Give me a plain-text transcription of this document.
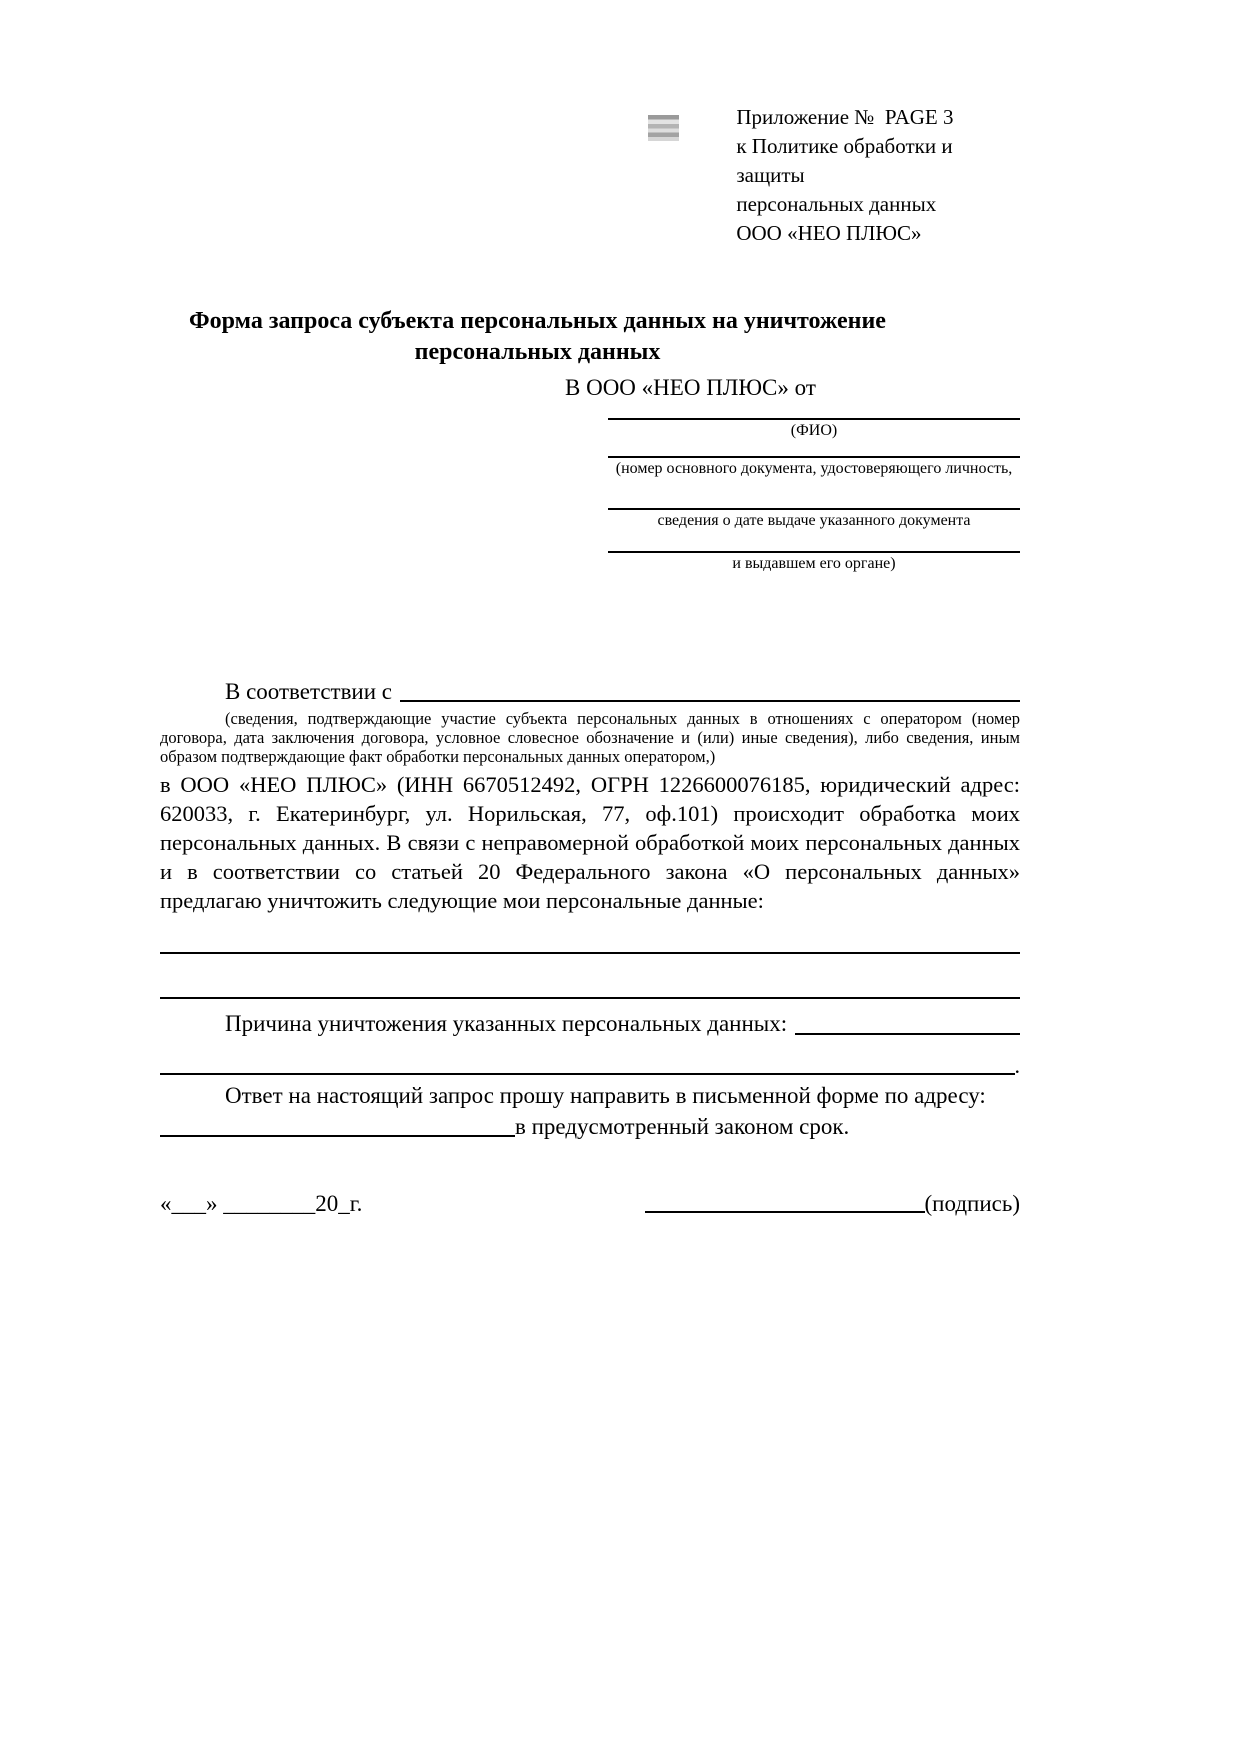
Приложение №  PAGE 3
к Политике обработки и защиты
персональных данных
ООО «НЕО ПЛЮС»
Форма запроса субъекта персональных данных на уничтожение
персональных данных
В ООО «НЕО ПЛЮС» от
(ФИО)
(номер основного документа, удостоверяющего личность,
сведения о дате выдаче указанного документа
и выдавшем его органе)
В соответствии с

(сведения, подтверждающие участие субъекта персональных данных в отношениях с оператором (номер договора, дата заключения договора, условное словесное обозначение и (или) иные сведения), либо сведения, иным образом подтверждающие факт обработки персональных данных оператором,)

в ООО «НЕО ПЛЮС» (ИНН 6670512492, ОГРН 1226600076185, юридический адрес: 620033, г. Екатеринбург, ул. Норильская, 77, оф.101) происходит обработка моих персональных данных. В связи с неправомерной обработкой моих персональных данных и в соответствии со статьей 20 Федерального закона «О персональных данных» предлагаю уничтожить следующие мои персональные данные:

Причина уничтожения указанных персональных данных:
.

Ответ на настоящий запрос прошу направить в письменной форме по адресу:

в предусмотренный законом срок.
«___» ________20_г.	(подпись)
